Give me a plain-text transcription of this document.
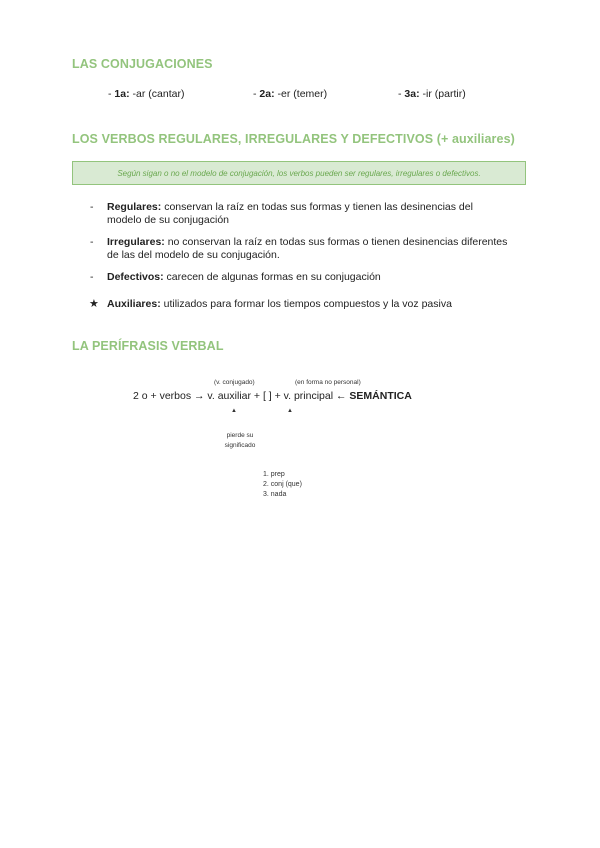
LAS CONJUGACIONES
- 1a: -ar (cantar)	- 2a: -er (temer)	- 3a: -ir (partir)
LOS VERBOS REGULARES, IRREGULARES Y DEFECTIVOS (+ auxiliares)
Según sigan o no el modelo de conjugación, los verbos pueden ser regulares, irregulares o defectivos.
- Regulares: conservan la raíz en todas sus formas y tienen las desinencias del modelo de su conjugación
- Irregulares: no conservan la raíz en todas sus formas o tienen desinencias diferentes de las del modelo de su conjugación.
- Defectivos: carecen de algunas formas en su conjugación
★ Auxiliares: utilizados para formar los tiempos compuestos y la voz pasiva
LA PERÍFRASIS VERBAL
(v. conjugado)	(en forma no personal)
2 o + verbos → v. auxiliar + [ ] + v. principal ← SEMÁNTICA
▲	▲
pierde su
significado
1. prep
2. conj (que)
3. nada
